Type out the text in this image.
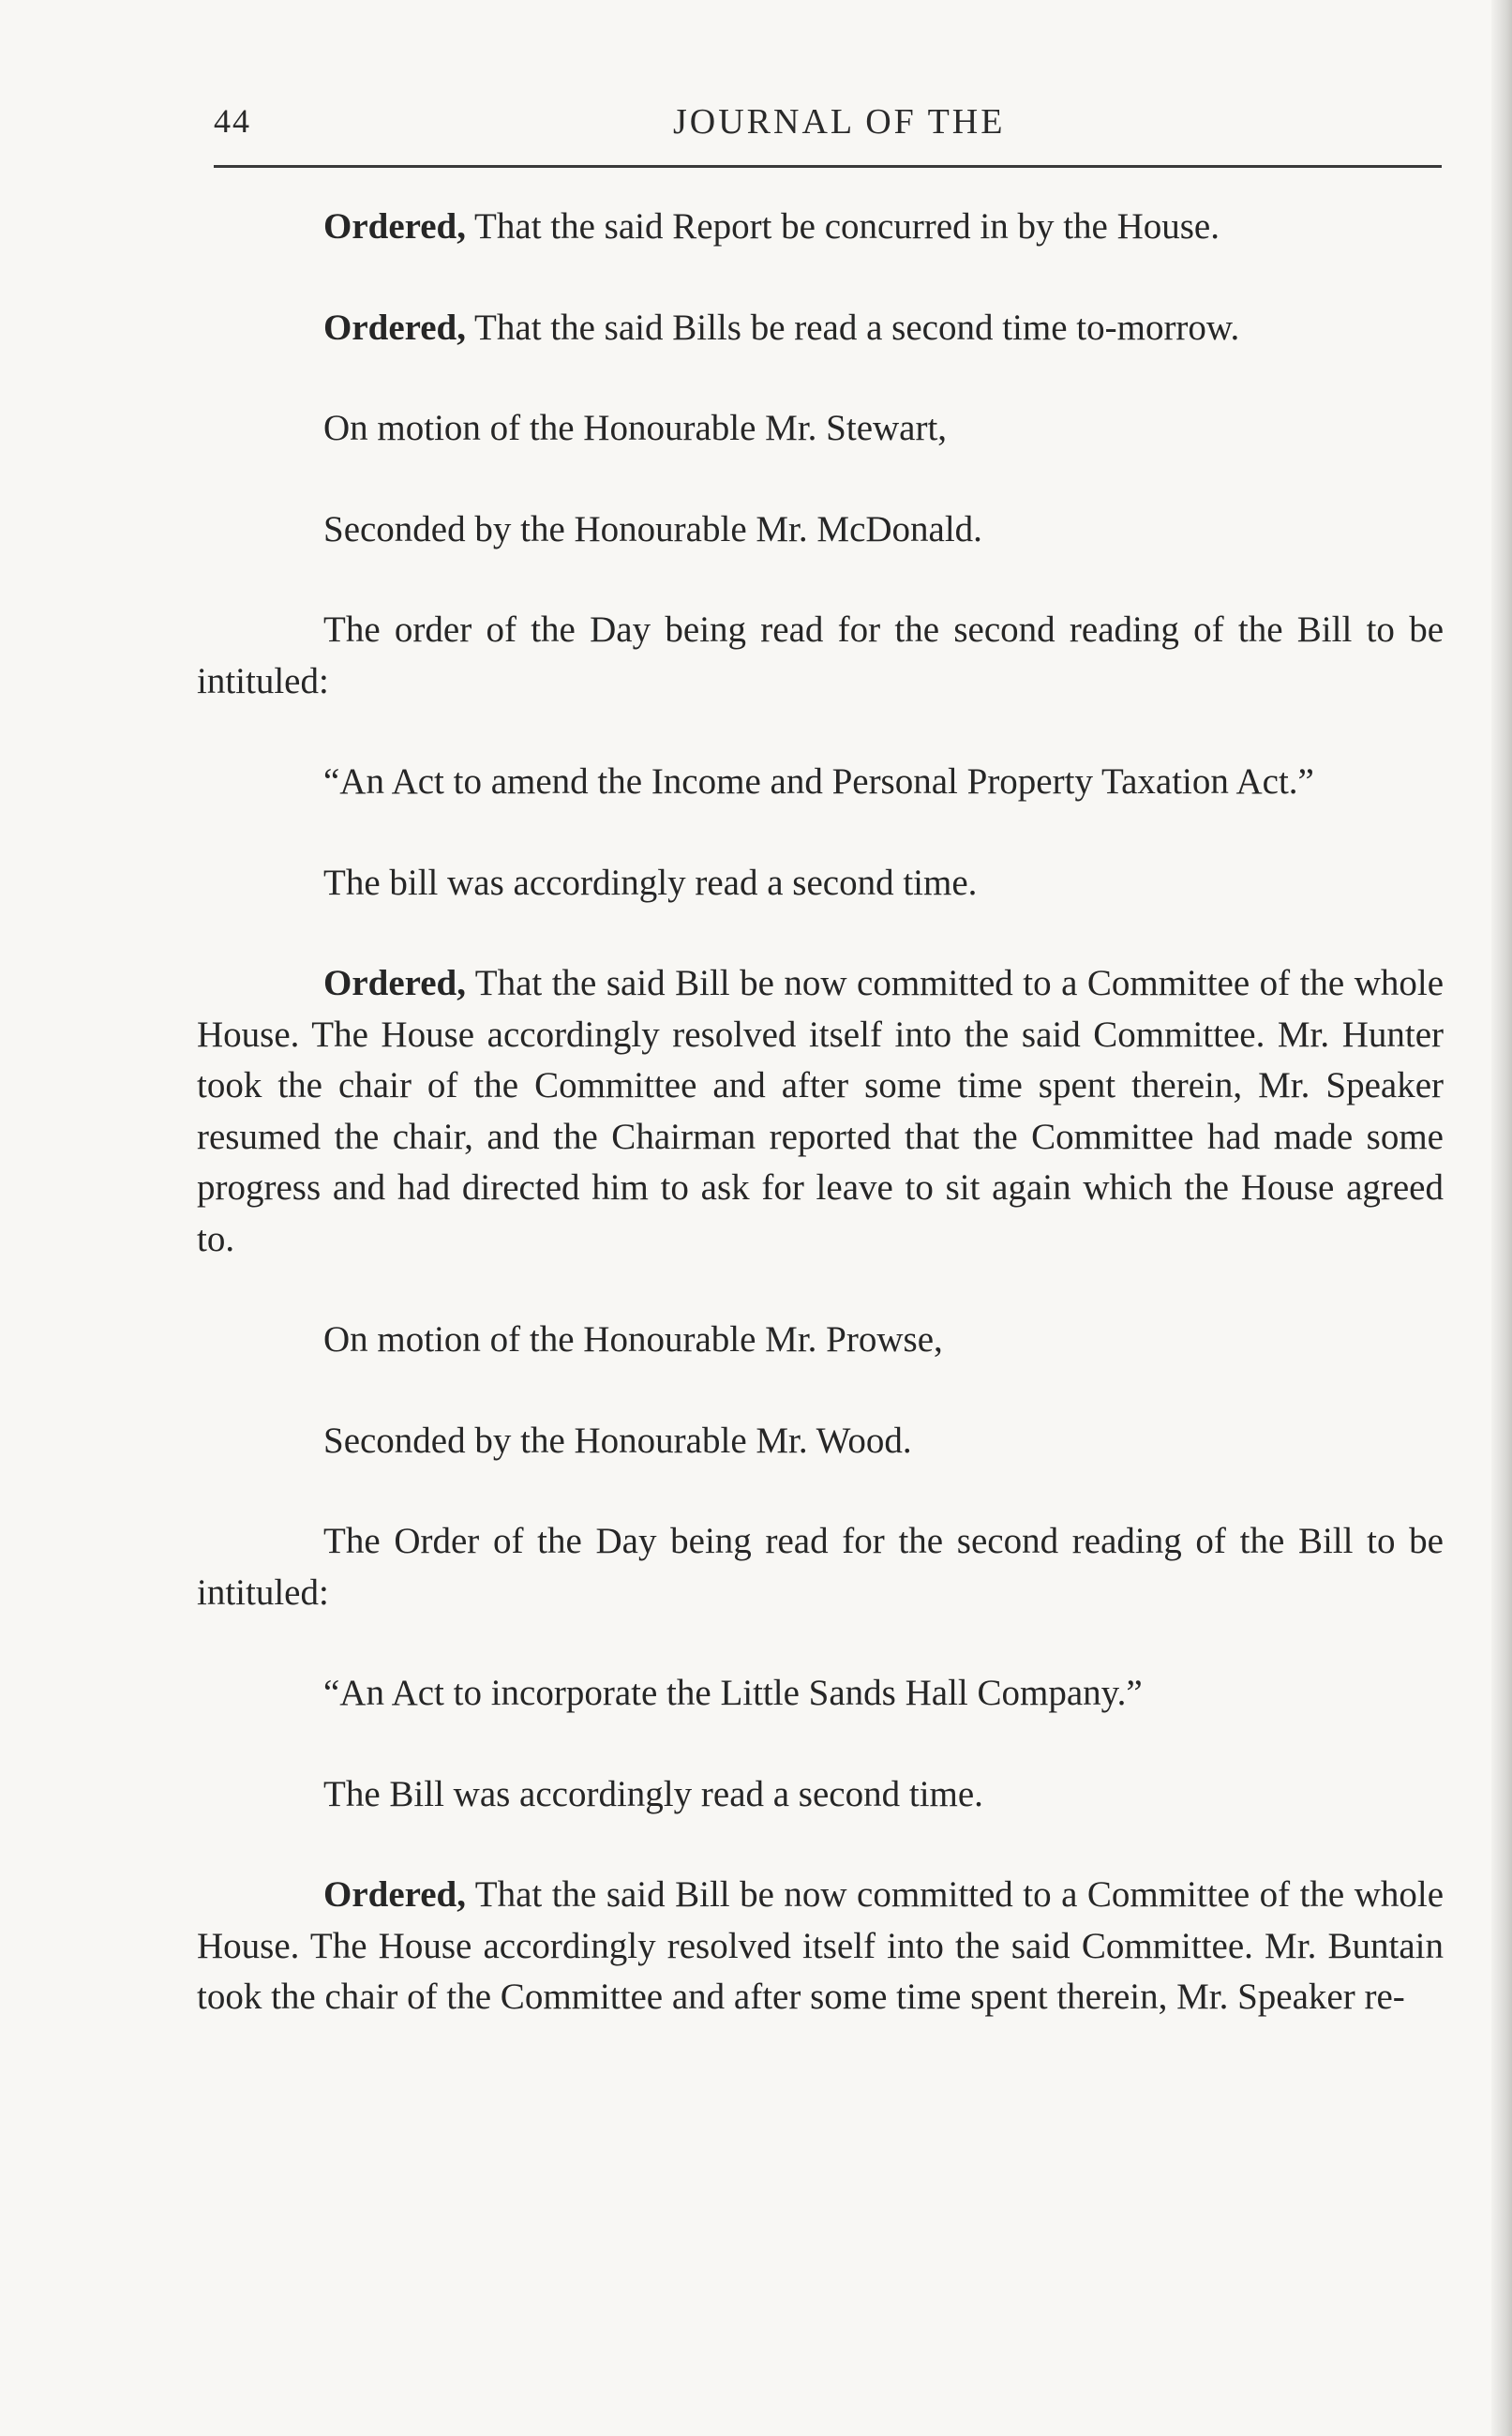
44	JOURNAL OF THE

Ordered, That the said Report be concurred in by the House.

Ordered, That the said Bills be read a second time to-morrow.

On motion of the Honourable Mr. Stewart,

Seconded by the Honourable Mr. McDonald.

The order of the Day being read for the second reading of the Bill to be intituled:

“An Act to amend the Income and Personal Property Taxation Act.”

The bill was accordingly read a second time.

Ordered, That the said Bill be now committed to a Committee of the whole House. The House accordingly resolved itself into the said Committee. Mr. Hunter took the chair of the Committee and after some time spent therein, Mr. Speaker resumed the chair, and the Chairman reported that the Committee had made some progress and had directed him to ask for leave to sit again which the House agreed to.

On motion of the Honourable Mr. Prowse,

Seconded by the Honourable Mr. Wood.

The Order of the Day being read for the second reading of the Bill to be intituled:

“An Act to incorporate the Little Sands Hall Company.”

The Bill was accordingly read a second time.

Ordered, That the said Bill be now committed to a Committee of the whole House. The House accordingly resolved itself into the said Committee. Mr. Buntain took the chair of the Committee and after some time spent therein, Mr. Speaker re-
